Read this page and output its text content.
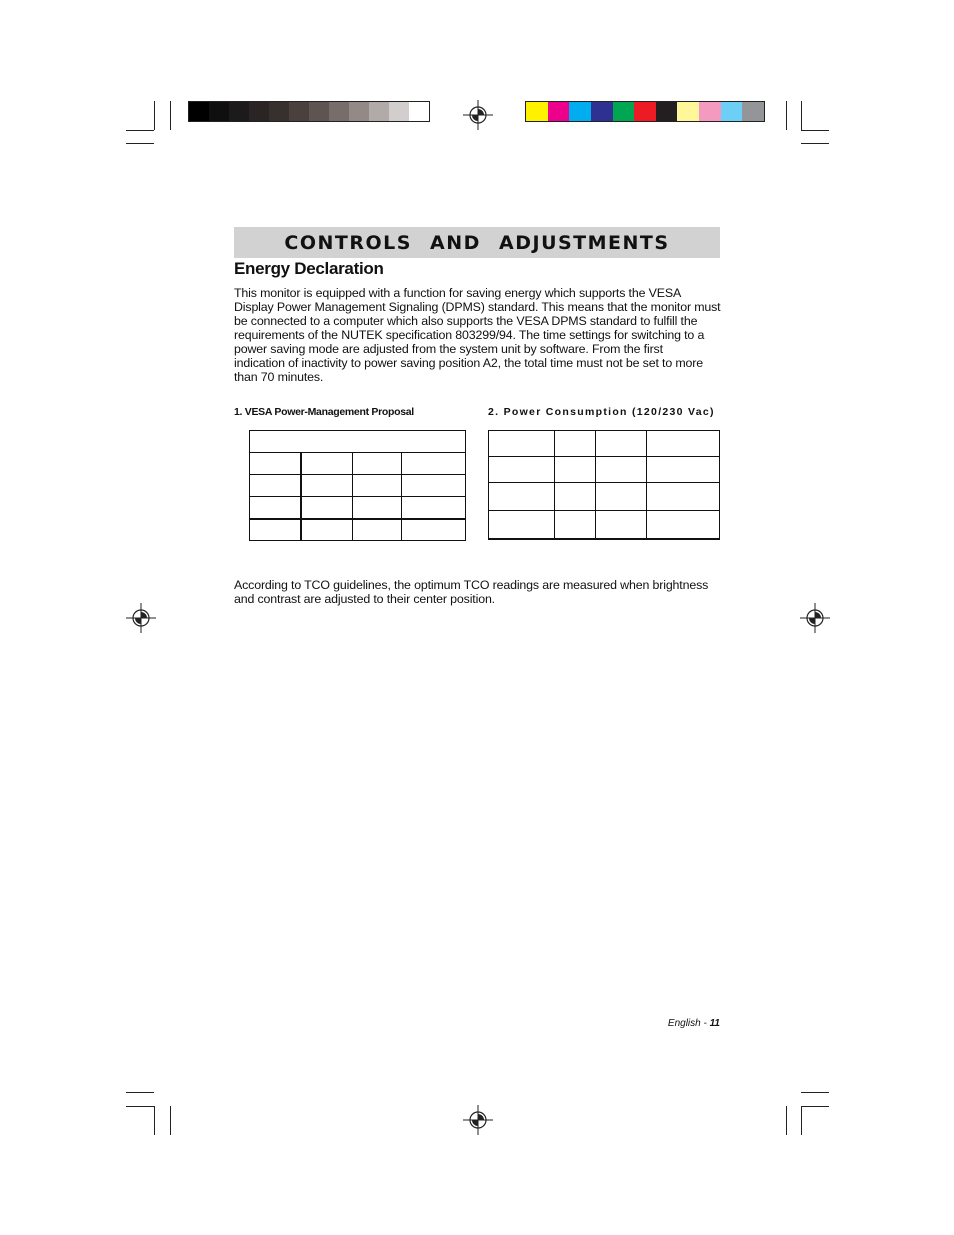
CONTROLS AND ADJUSTMENTS
Energy Declaration

This monitor is equipped with a function for saving energy which supports the VESA

Display Power Management Signaling (DPMS) standard. This means that the monitor must

be connected to a computer which also supports the VESA DPMS standard to fulfill the

requirements of the NUTEK specification 803299/94. The time settings for switching to a

power saving mode are adjusted from the system unit by software. From the first

indication of inactivity to power saving position A2, the total time must not be set to more

than 70 minutes.

1. VESA Power-Management Proposal	2. Power Consumption (120/230 Vac)

According to TCO guidelines, the optimum TCO readings are measured when brightness

and contrast are adjusted to their center position.

English - 11
